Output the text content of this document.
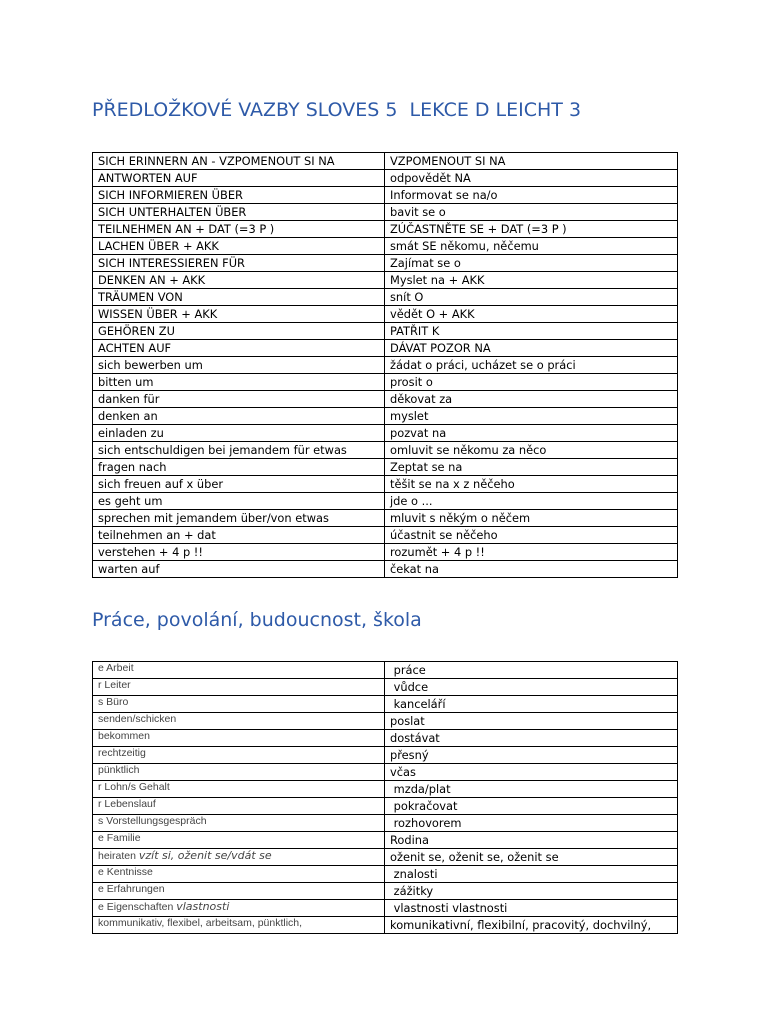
PŘEDLOŽKOVÉ VAZBY SLOVES 5  LEKCE D LEICHT 3
SICH ERINNERN AN - VZPOMENOUT SI NA	VZPOMENOUT SI NA
ANTWORTEN AUF	odpovědět NA
SICH INFORMIEREN ÜBER	Informovat se na/o
SICH UNTERHALTEN ÜBER	bavit se o
TEILNEHMEN AN + DAT (=3 P )	ZÚČASTNĚTE SE + DAT (=3 P )
LACHEN ÜBER + AKK	smát SE někomu, něčemu
SICH INTERESSIEREN FÜR	Zajímat se o
DENKEN AN + AKK	Myslet na + AKK
TRÄUMEN VON	snít O
WISSEN ÜBER + AKK	vědět O + AKK
GEHÖREN ZU	PATŘIT K
ACHTEN AUF	DÁVAT POZOR NA
sich bewerben um	žádat o práci, ucházet se o práci
bitten um	prosit o
danken für	děkovat za
denken an	myslet
einladen zu	pozvat na
sich entschuldigen bei jemandem für etwas	omluvit se někomu za něco
fragen nach	Zeptat se na
sich freuen auf x über	těšit se na x z něčeho
es geht um	jde o ...
sprechen mit jemandem über/von etwas	mluvit s někým o něčem
teilnehmen an + dat	účastnit se něčeho
verstehen + 4 p !!	rozumět + 4 p !!
warten auf	čekat na
Práce, povolání, budoucnost, škola
e Arbeit	práce
r Leiter	vůdce
s Büro	kanceláří
senden/schicken	poslat
bekommen	dostávat
rechtzeitig	přesný
pünktlich	včas
r Lohn/s Gehalt	mzda/plat
r Lebenslauf	pokračovat
s Vorstellungsgespräch	rozhovorem
e Familie	Rodina
heiraten vzít si, oženit se/vdát se	oženit se, oženit se, oženit se
e Kentnisse	znalosti
e Erfahrungen	zážitky
e Eigenschaften vlastnosti	vlastnosti vlastnosti
kommunikativ, flexibel, arbeitsam, pünktlich,	komunikativní, flexibilní, pracovitý, dochvilný,
